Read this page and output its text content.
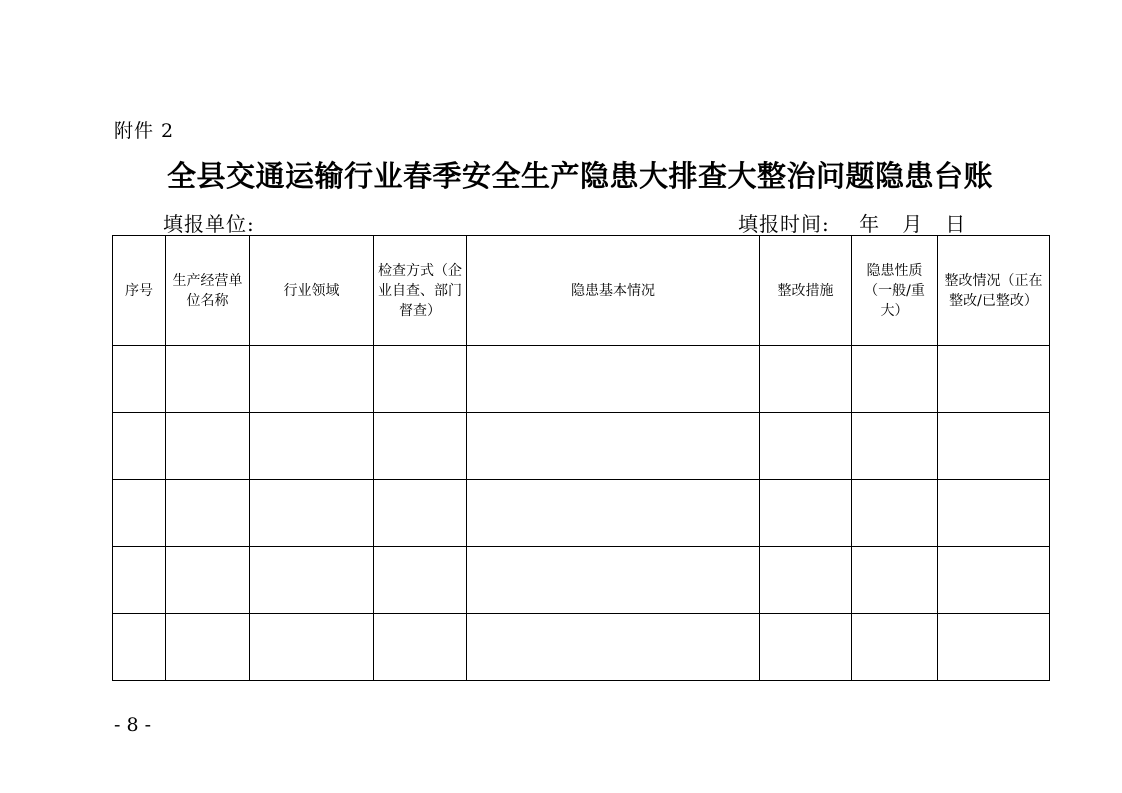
附件 2
全县交通运输行业春季安全生产隐患大排查大整治问题隐患台账
填报单位:	填报时间:    年   月   日
序号	生产经营单位名称	行业领域	检查方式（企业自查、部门督查）	隐患基本情况	整改措施	隐患性质（一般/重大）	整改情况（正在整改/已整改）

- 8 -
